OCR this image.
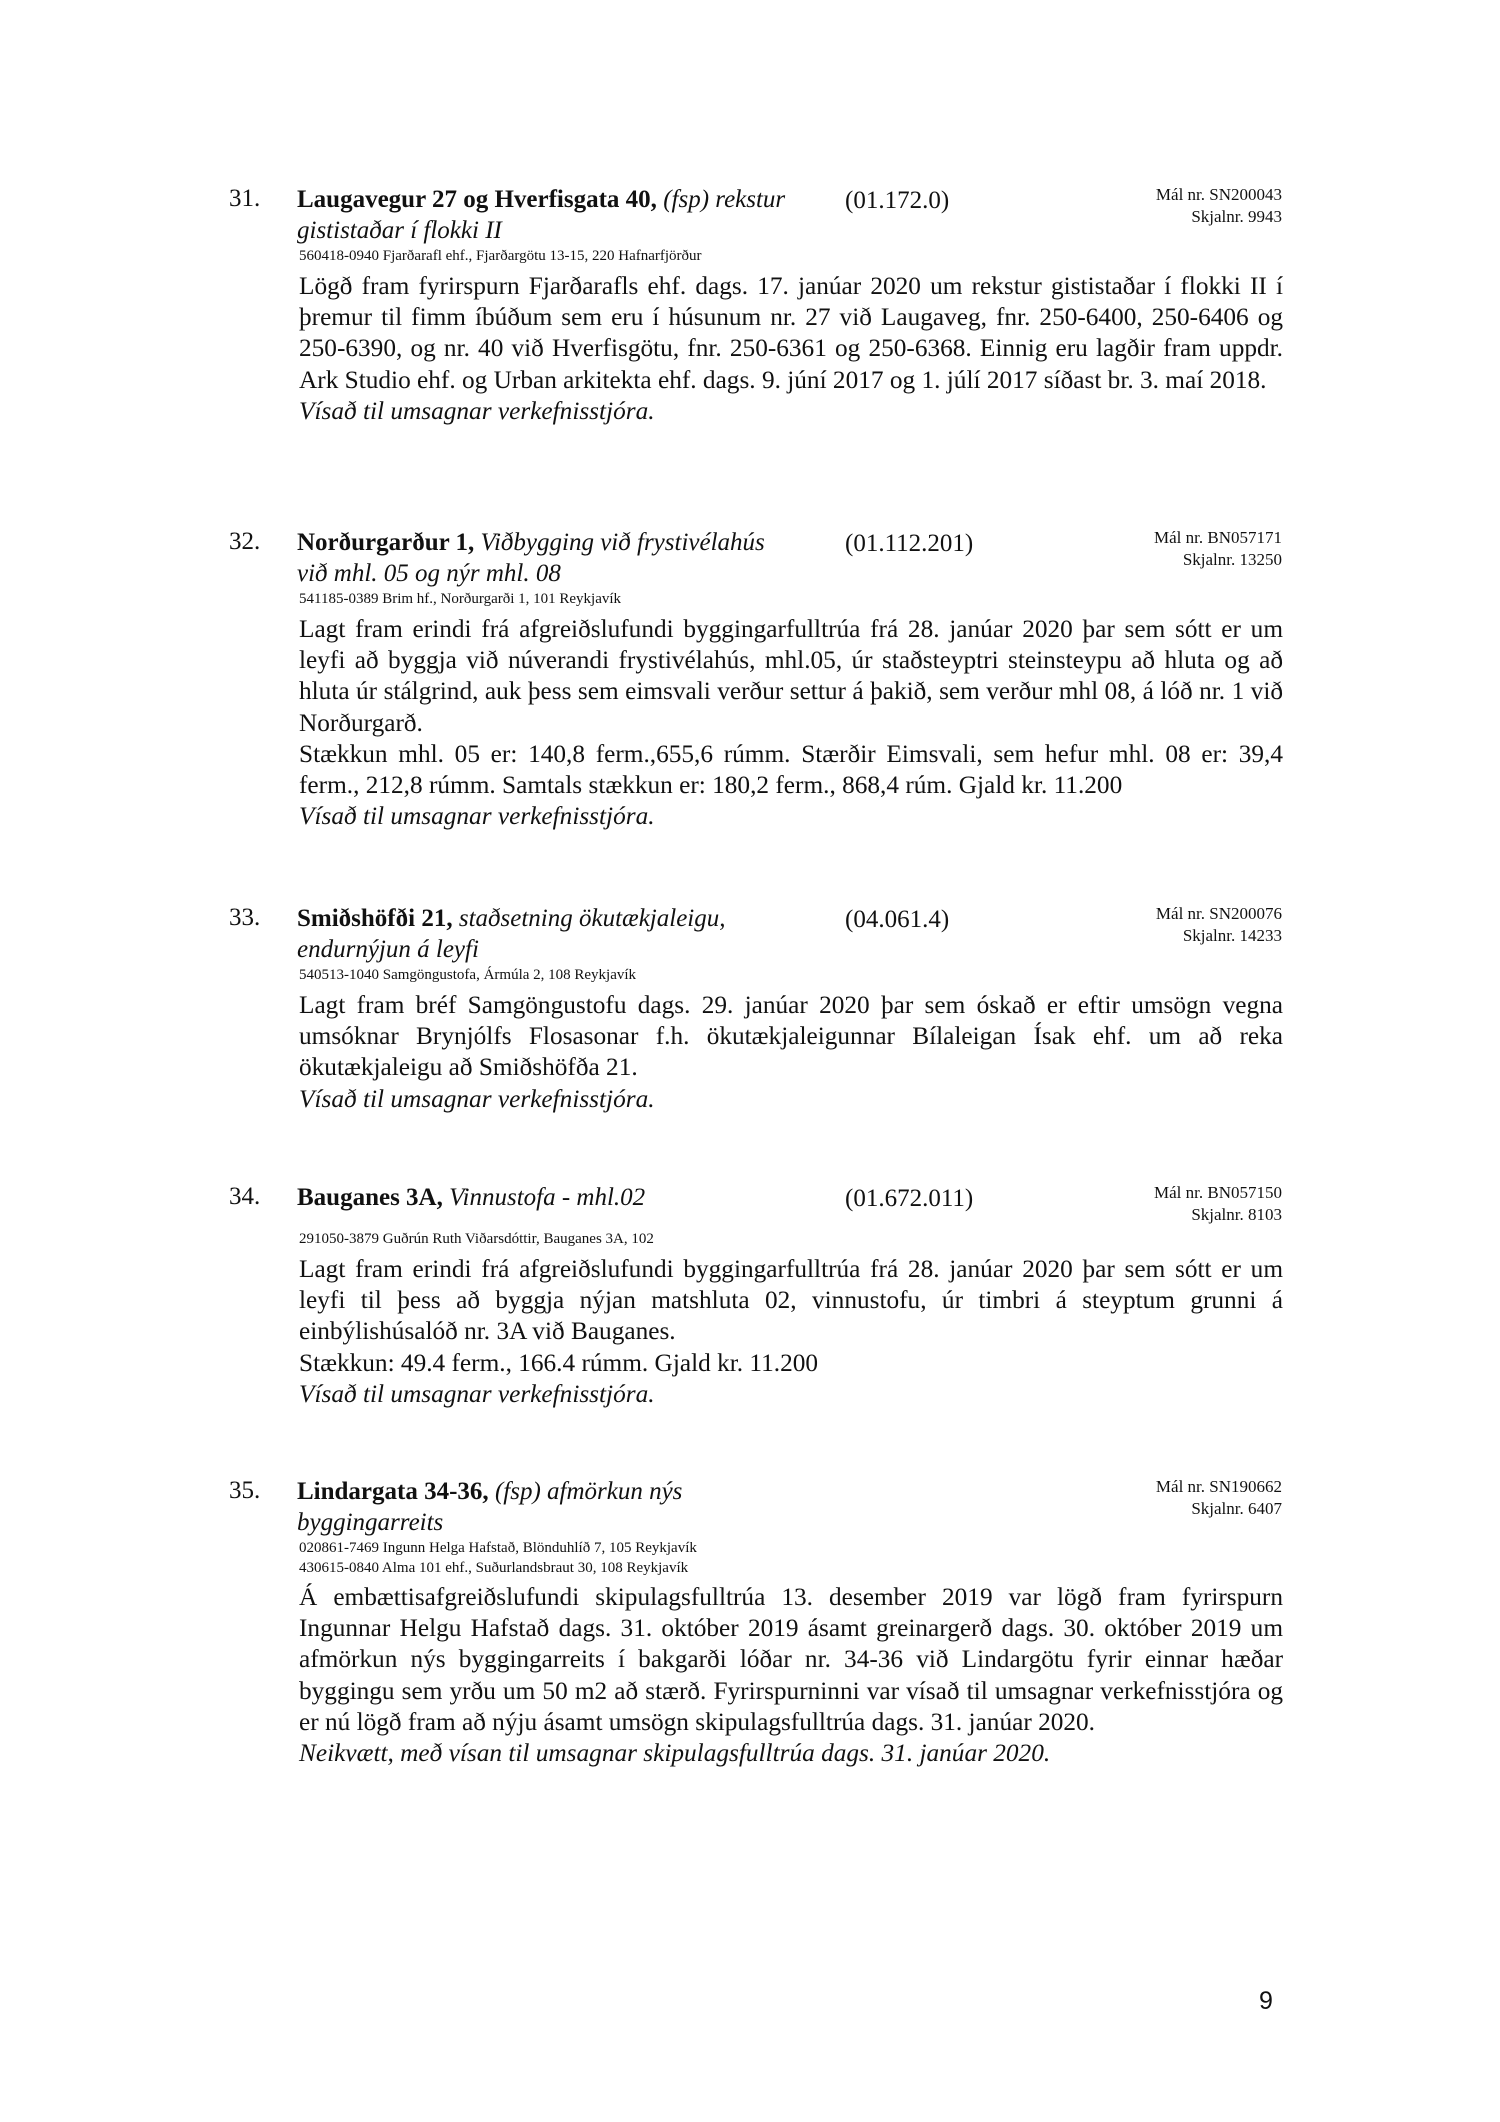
31. Laugavegur 27 og Hverfisgata 40, (fsp) rekstur gististaðar í flokki II
(01.172.0)	Mál nr. SN200043
Skjalnr. 9943
560418-0940 Fjarðarafl ehf., Fjarðargötu 13-15, 220 Hafnarfjörður

Lögð fram fyrirspurn Fjarðarafls ehf. dags. 17. janúar 2020 um rekstur gististaðar í flokki II í þremur til fimm íbúðum sem eru í húsunum nr. 27 við Laugaveg, fnr. 250-6400, 250-6406 og 250-6390, og nr. 40 við Hverfisgötu, fnr. 250-6361 og 250-6368. Einnig eru lagðir fram uppdr. Ark Studio ehf. og Urban arkitekta ehf. dags. 9. júní 2017 og 1. júlí 2017 síðast br. 3. maí 2018.

Vísað til umsagnar verkefnisstjóra.

32. Norðurgarður 1, Viðbygging við frystivélahús við mhl. 05 og nýr mhl. 08
(01.112.201)	Mál nr. BN057171
Skjalnr. 13250
541185-0389 Brim hf., Norðurgarði 1, 101 Reykjavík

Lagt fram erindi frá afgreiðslufundi byggingarfulltrúa frá 28. janúar 2020 þar sem sótt er um leyfi að byggja við núverandi frystivélahús, mhl.05, úr staðsteyptri steinsteypu að hluta og að hluta úr stálgrind, auk þess sem eimsvali verður settur á þakið, sem verður mhl 08, á lóð nr. 1 við Norðurgarð.

Stækkun mhl. 05 er: 140,8 ferm.,655,6 rúmm. Stærðir Eimsvali, sem hefur mhl. 08 er: 39,4 ferm., 212,8 rúmm. Samtals stækkun er: 180,2 ferm., 868,4 rúm. Gjald kr. 11.200

Vísað til umsagnar verkefnisstjóra.

33. Smiðshöfði 21, staðsetning ökutækjaleigu, endurnýjun á leyfi
(04.061.4)	Mál nr. SN200076
Skjalnr. 14233
540513-1040 Samgöngustofa, Ármúla 2, 108 Reykjavík

Lagt fram bréf Samgöngustofu dags. 29. janúar 2020 þar sem óskað er eftir umsögn vegna umsóknar Brynjólfs Flosasonar f.h. ökutækjaleigunnar Bílaleigan Ísak ehf. um að reka ökutækjaleigu að Smiðshöfða 21.

Vísað til umsagnar verkefnisstjóra.

34. Bauganes 3A, Vinnustofa - mhl.02	(01.672.011)	Mál nr. BN057150
Skjalnr. 8103
291050-3879 Guðrún Ruth Viðarsdóttir, Bauganes 3A, 102

Lagt fram erindi frá afgreiðslufundi byggingarfulltrúa frá 28. janúar 2020 þar sem sótt er um leyfi til þess að byggja nýjan matshluta 02, vinnustofu, úr timbri á steyptum grunni á einbýlishúsalóð nr. 3A við Bauganes.

Stækkun: 49.4 ferm., 166.4 rúmm. Gjald kr. 11.200

Vísað til umsagnar verkefnisstjóra.

35. Lindargata 34-36, (fsp) afmörkun nýs byggingarreits
Mál nr. SN190662
Skjalnr. 6407
020861-7469 Ingunn Helga Hafstað, Blönduhlíð 7, 105 Reykjavík
430615-0840 Alma 101 ehf., Suðurlandsbraut 30, 108 Reykjavík

Á embættisafgreiðslufundi skipulagsfulltrúa 13. desember 2019 var lögð fram fyrirspurn Ingunnar Helgu Hafstað dags. 31. október 2019 ásamt greinargerð dags. 30. október 2019 um afmörkun nýs byggingarreits í bakgarði lóðar nr. 34-36 við Lindargötu fyrir einnar hæðar byggingu sem yrðu um 50 m2 að stærð. Fyrirspurninni var vísað til umsagnar verkefnisstjóra og er nú lögð fram að nýju ásamt umsögn skipulagsfulltrúa dags. 31. janúar 2020.

Neikvætt, með vísan til umsagnar skipulagsfulltrúa dags. 31. janúar 2020.

9
